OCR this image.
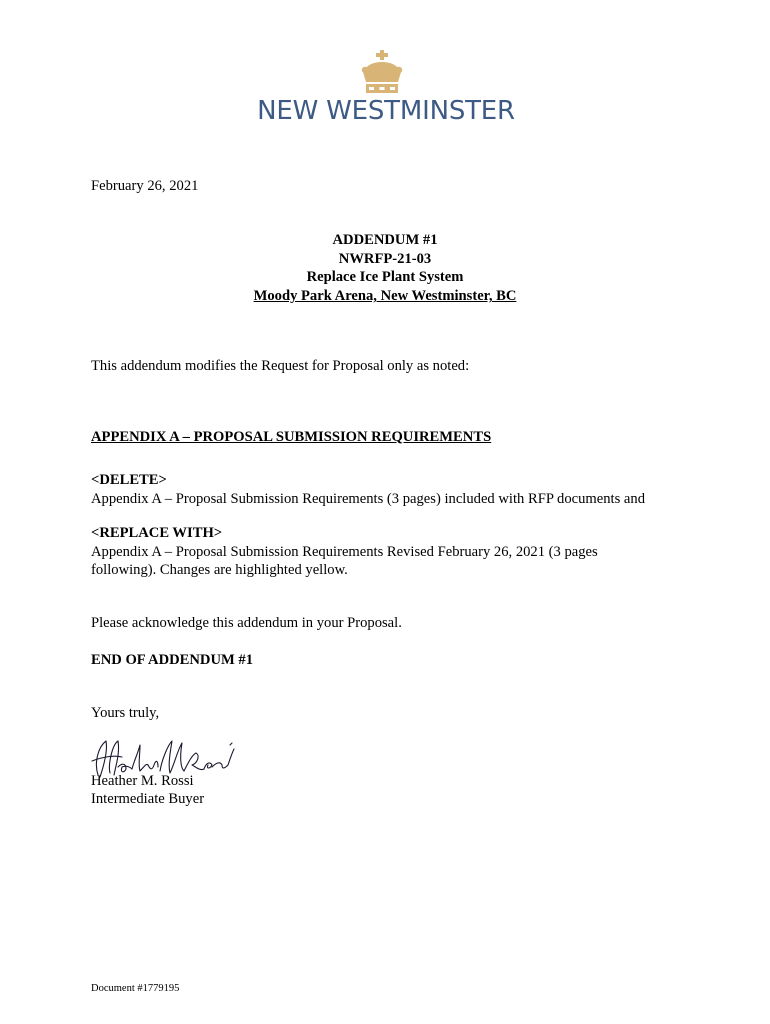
NEW WESTMINSTER
February 26, 2021
ADDENDUM #1
NWRFP-21-03
Replace Ice Plant System
Moody Park Arena, New Westminster, BC
This addendum modifies the Request for Proposal only as noted:
APPENDIX A – PROPOSAL SUBMISSION REQUIREMENTS
<DELETE>
Appendix A – Proposal Submission Requirements (3 pages) included with RFP documents and
<REPLACE WITH>
Appendix A – Proposal Submission Requirements Revised February 26, 2021 (3 pages
following). Changes are highlighted yellow.
Please acknowledge this addendum in your Proposal.
END OF ADDENDUM #1
Yours truly,
Heather M. Rossi
Intermediate Buyer
Document #1779195
